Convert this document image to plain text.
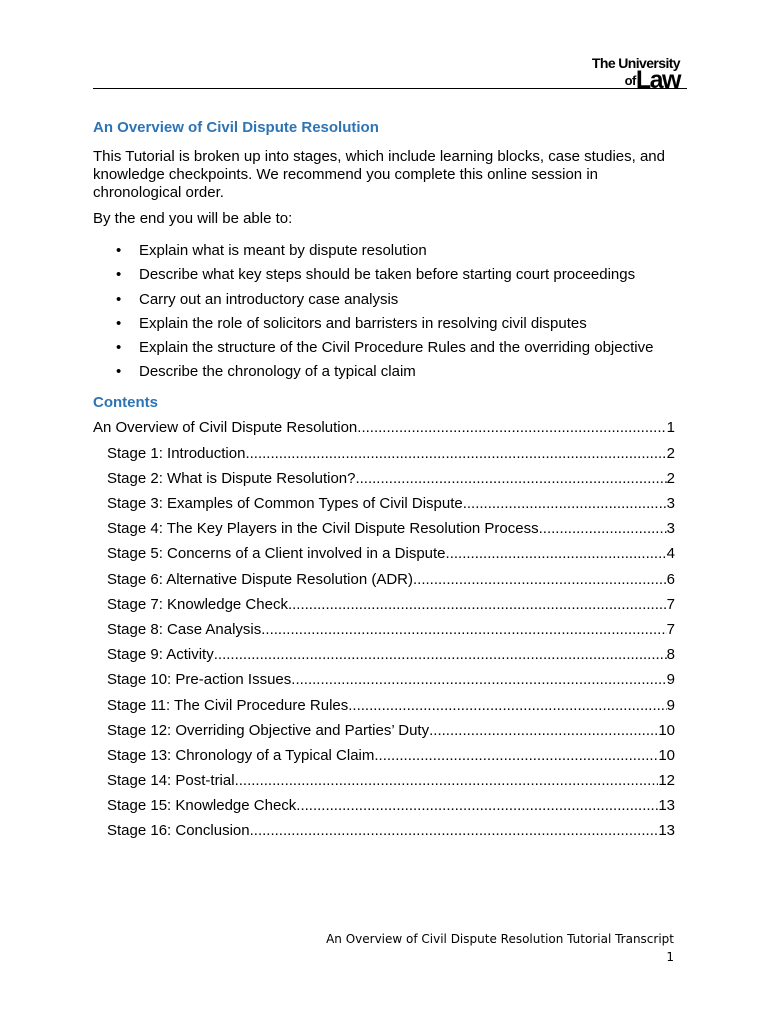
The University
$^{of}$Law
An Overview of Civil Dispute Resolution

This Tutorial is broken up into stages, which include learning blocks, case studies, and knowledge checkpoints. We recommend you complete this online session in chronological order.

By the end you will be able to:

• Explain what is meant by dispute resolution
• Describe what key steps should be taken before starting court proceedings
• Carry out an introductory case analysis
• Explain the role of solicitors and barristers in resolving civil disputes
• Explain the structure of the Civil Procedure Rules and the overriding objective
• Describe the chronology of a typical claim
Contents
An Overview of Civil Dispute Resolution .....	1
Stage 1: Introduction .....	2
Stage 2: What is Dispute Resolution? .....	2
Stage 3: Examples of Common Types of Civil Dispute .....	3
Stage 4: The Key Players in the Civil Dispute Resolution Process .....	3
Stage 5: Concerns of a Client involved in a Dispute .....	4
Stage 6: Alternative Dispute Resolution (ADR) .....	6
Stage 7: Knowledge Check .....	7
Stage 8: Case Analysis .....	7
Stage 9: Activity .....	8
Stage 10: Pre-action Issues .....	9
Stage 11: The Civil Procedure Rules .....	9
Stage 12: Overriding Objective and Parties’ Duty .....	10
Stage 13: Chronology of a Typical Claim .....	10
Stage 14: Post-trial .....	12
Stage 15: Knowledge Check .....	13
Stage 16: Conclusion .....	13
An Overview of Civil Dispute Resolution Tutorial Transcript
1
